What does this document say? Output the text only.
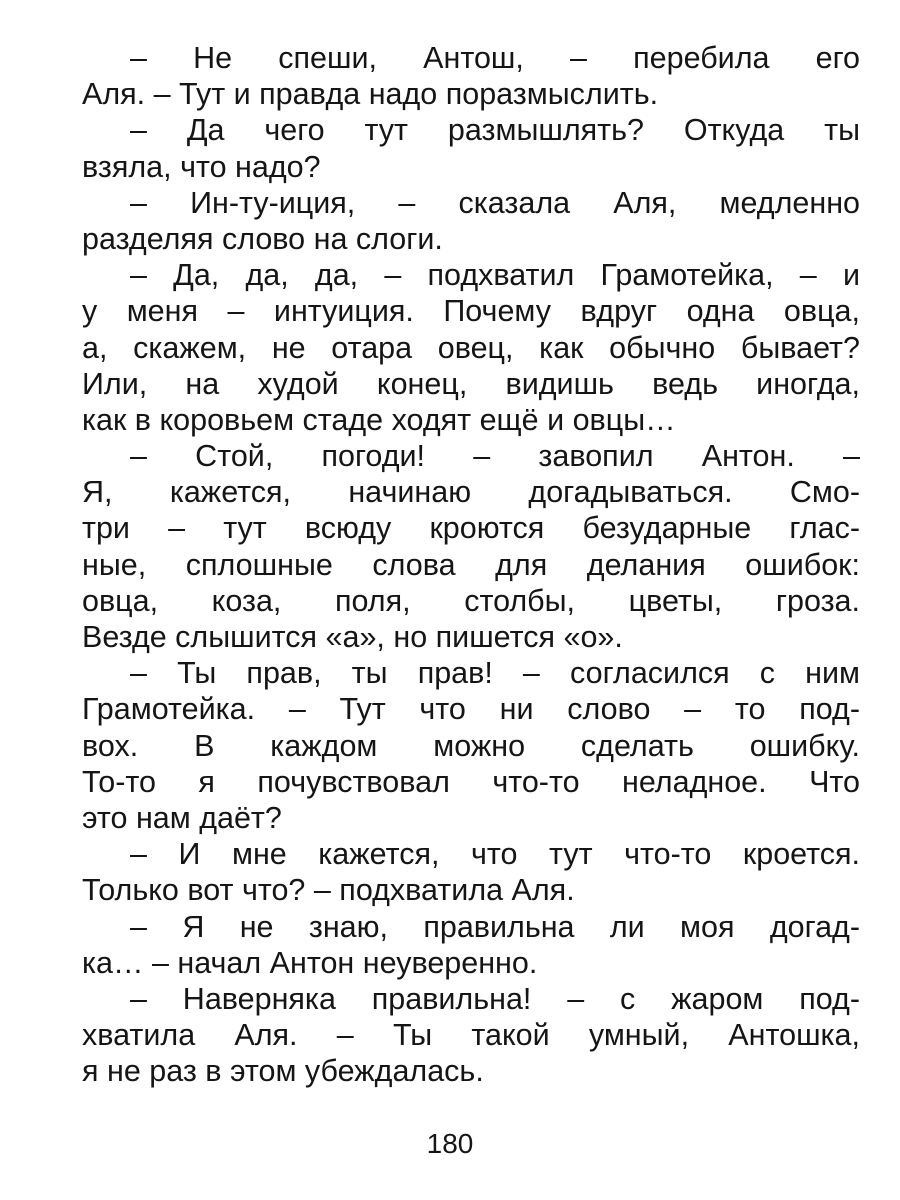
– Не спеши, Антош, – перебила его
Аля. – Тут и правда надо поразмыслить.
– Да чего тут размышлять? Откуда ты
взяла, что надо?
– Ин-ту-иция, – сказала Аля, медленно
разделяя слово на слоги.
– Да, да, да, – подхватил Грамотейка, – и
у меня – интуиция. Почему вдруг одна овца,
а, скажем, не отара овец, как обычно бывает?
Или, на худой конец, видишь ведь иногда,
как в коровьем стаде ходят ещё и овцы…
– Стой, погоди! – завопил Антон. –
Я, кажется, начинаю догадываться. Смо-
три – тут всюду кроются безударные глас-
ные, сплошные слова для делания ошибок:
овца, коза, поля, столбы, цветы, гроза.
Везде слышится «а», но пишется «о».
– Ты прав, ты прав! – согласился с ним
Грамотейка. – Тут что ни слово – то под-
вох. В каждом можно сделать ошибку.
То-то я почувствовал что-то неладное. Что
это нам даёт?
– И мне кажется, что тут что-то кроется.
Только вот что? – подхватила Аля.
– Я не знаю, правильна ли моя догад-
ка… – начал Антон неуверенно.
– Наверняка правильна! – с жаром под-
хватила Аля. – Ты такой умный, Антошка,
я не раз в этом убеждалась.
180
